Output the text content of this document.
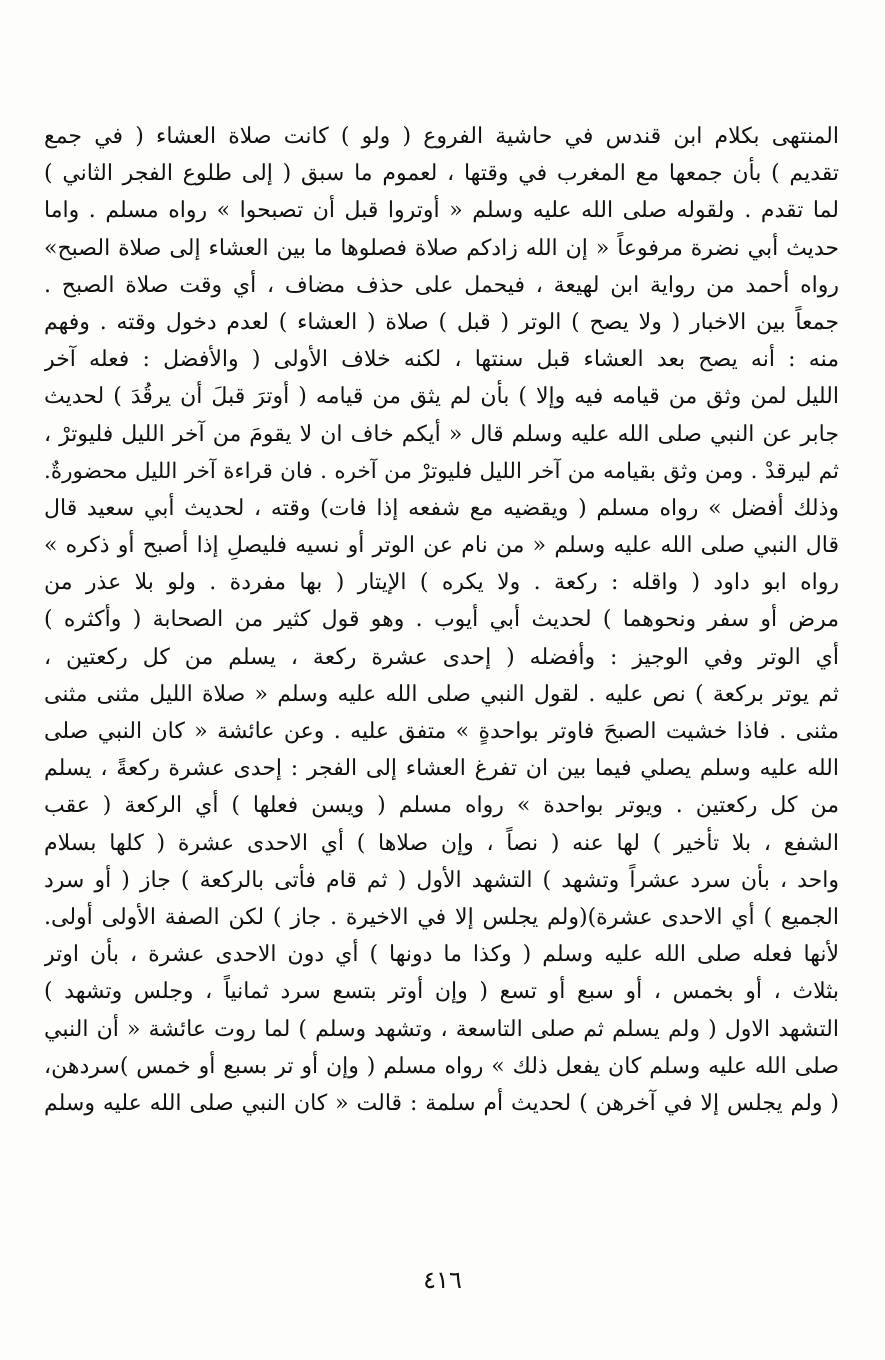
المنتهى بكلام ابن قندس في حاشية الفروع ( ولو ) كانت صلاة العشاء ( في جمع
تقديم ) بأن جمعها مع المغرب في وقتها ، لعموم ما سبق ( إلى طلوع الفجر الثاني )
لما تقدم . ولقوله صلى الله عليه وسلم « أوتروا قبل أن تصبحوا » رواه مسلم . واما
حديث أبي نضرة مرفوعاً « إن الله زادكم صلاة فصلوها ما بين العشاء إلى صلاة الصبح»
رواه أحمد من رواية ابن لهيعة ، فيحمل على حذف مضاف ، أي وقت صلاة الصبح .
جمعاً بين الاخبار ( ولا يصح ) الوتر ( قبل ) صلاة ( العشاء ) لعدم دخول وقته . وفهم
منه : أنه يصح بعد العشاء قبل سنتها ، لكنه خلاف الأولى ( والأفضل : فعله آخر
الليل لمن وثق من قيامه فيه وإلا ) بأن لم يثق من قيامه ( أوترَ قبلَ أن يرقُدَ ) لحديث
جابر عن النبي صلى الله عليه وسلم قال « أيكم خاف ان لا يقومَ من آخر الليل فليوترْ ،
ثم ليرقدْ . ومن وثق بقيامه من آخر الليل فليوترْ من آخره . فان قراءة آخر الليل محضورةٌ.
وذلك أفضل » رواه مسلم ( ويقضيه مع شفعه إذا فات) وقته ، لحديث أبي سعيد قال
قال النبي صلى الله عليه وسلم « من نام عن الوتر أو نسيه فليصلِ إذا أصبح أو ذكره »
رواه ابو داود ( واقله : ركعة . ولا يكره ) الإيتار ( بها مفردة . ولو بلا عذر من
مرض أو سفر ونحوهما ) لحديث أبي أيوب . وهو قول كثير من الصحابة ( وأكثره )
أي الوتر وفي الوجيز : وأفضله ( إحدى عشرة ركعة ، يسلم من كل ركعتين ،
ثم يوتر بركعة ) نص عليه . لقول النبي صلى الله عليه وسلم « صلاة الليل مثنى مثنى
مثنى . فاذا خشيت الصبحَ فاوتر بواحدةٍ » متفق عليه . وعن عائشة « كان النبي صلى
الله عليه وسلم يصلي فيما بين ان تفرغ العشاء إلى الفجر : إحدى عشرة ركعةً ، يسلم
من كل ركعتين . ويوتر بواحدة » رواه مسلم ( ويسن فعلها ) أي الركعة ( عقب
الشفع ، بلا تأخير ) لها عنه ( نصاً ، وإن صلاها ) أي الاحدى عشرة ( كلها بسلام
واحد ، بأن سرد عشراً وتشهد ) التشهد الأول ( ثم قام فأتى بالركعة ) جاز ( أو سرد
الجميع ) أي الاحدى عشرة)(ولم يجلس إلا في الاخيرة . جاز ) لكن الصفة الأولى أولى.
لأنها فعله صلى الله عليه وسلم ( وكذا ما دونها ) أي دون الاحدى عشرة ، بأن اوتر
بثلاث ، أو بخمس ، أو سبع أو تسع ( وإن أوتر بتسع سرد ثمانياً ، وجلس وتشهد )
التشهد الاول ( ولم يسلم ثم صلى التاسعة ، وتشهد وسلم ) لما روت عائشة « أن النبي
صلى الله عليه وسلم كان يفعل ذلك » رواه مسلم ( وإن أو تر بسبع أو خمس )سردهن،
( ولم يجلس إلا في آخرهن ) لحديث أم سلمة : قالت « كان النبي صلى الله عليه وسلم
٤١٦
